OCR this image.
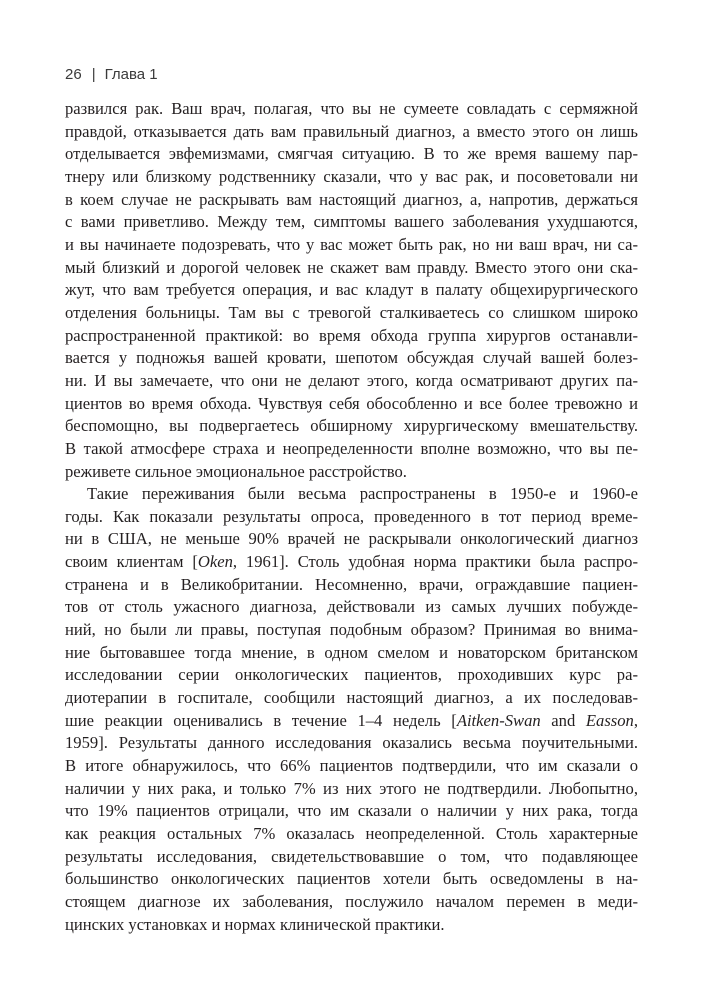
26 | Глава 1

развился рак. Ваш врач, полагая, что вы не сумеете совладать с сермяжной
правдой, отказывается дать вам правильный диагноз, а вместо этого он лишь
отделывается эвфемизмами, смягчая ситуацию. В то же время вашему пар-
тнеру или близкому родственнику сказали, что у вас рак, и посоветовали ни
в коем случае не раскрывать вам настоящий диагноз, а, напротив, держаться
с вами приветливо. Между тем, симптомы вашего заболевания ухудшаются,
и вы начинаете подозревать, что у вас может быть рак, но ни ваш врач, ни са-
мый близкий и дорогой человек не скажет вам правду. Вместо этого они ска-
жут, что вам требуется операция, и вас кладут в палату общехирургического
отделения больницы. Там вы с тревогой сталкиваетесь со слишком широко
распространенной практикой: во время обхода группа хирургов останавли-
вается у подножья вашей кровати, шепотом обсуждая случай вашей болез-
ни. И вы замечаете, что они не делают этого, когда осматривают других па-
циентов во время обхода. Чувствуя себя обособленно и все более тревожно и
беспомощно, вы подвергаетесь обширному хирургическому вмешательству.
В такой атмосфере страха и неопределенности вполне возможно, что вы пе-
реживете сильное эмоциональное расстройство.

Такие переживания были весьма распространены в 1950-е и 1960-е
годы. Как показали результаты опроса, проведенного в тот период време-
ни в США, не меньше 90% врачей не раскрывали онкологический диагноз
своим клиентам [Oken, 1961]. Столь удобная норма практики была распро-
странена и в Великобритании. Несомненно, врачи, ограждавшие пациен-
тов от столь ужасного диагноза, действовали из самых лучших побужде-
ний, но были ли правы, поступая подобным образом? Принимая во внима-
ние бытовавшее тогда мнение, в одном смелом и новаторском британском
исследовании серии онкологических пациентов, проходивших курс ра-
диотерапии в госпитале, сообщили настоящий диагноз, а их последовав-
шие реакции оценивались в течение 1–4 недель [Aitken-Swan and Easson,
1959]. Результаты данного исследования оказались весьма поучительными.
В итоге обнаружилось, что 66% пациентов подтвердили, что им сказали о
наличии у них рака, и только 7% из них этого не подтвердили. Любопытно,
что 19% пациентов отрицали, что им сказали о наличии у них рака, тогда
как реакция остальных 7% оказалась неопределенной. Столь характерные
результаты исследования, свидетельствовавшие о том, что подавляющее
большинство онкологических пациентов хотели быть осведомлены в на-
стоящем диагнозе их заболевания, послужило началом перемен в меди-
цинских установках и нормах клинической практики.
